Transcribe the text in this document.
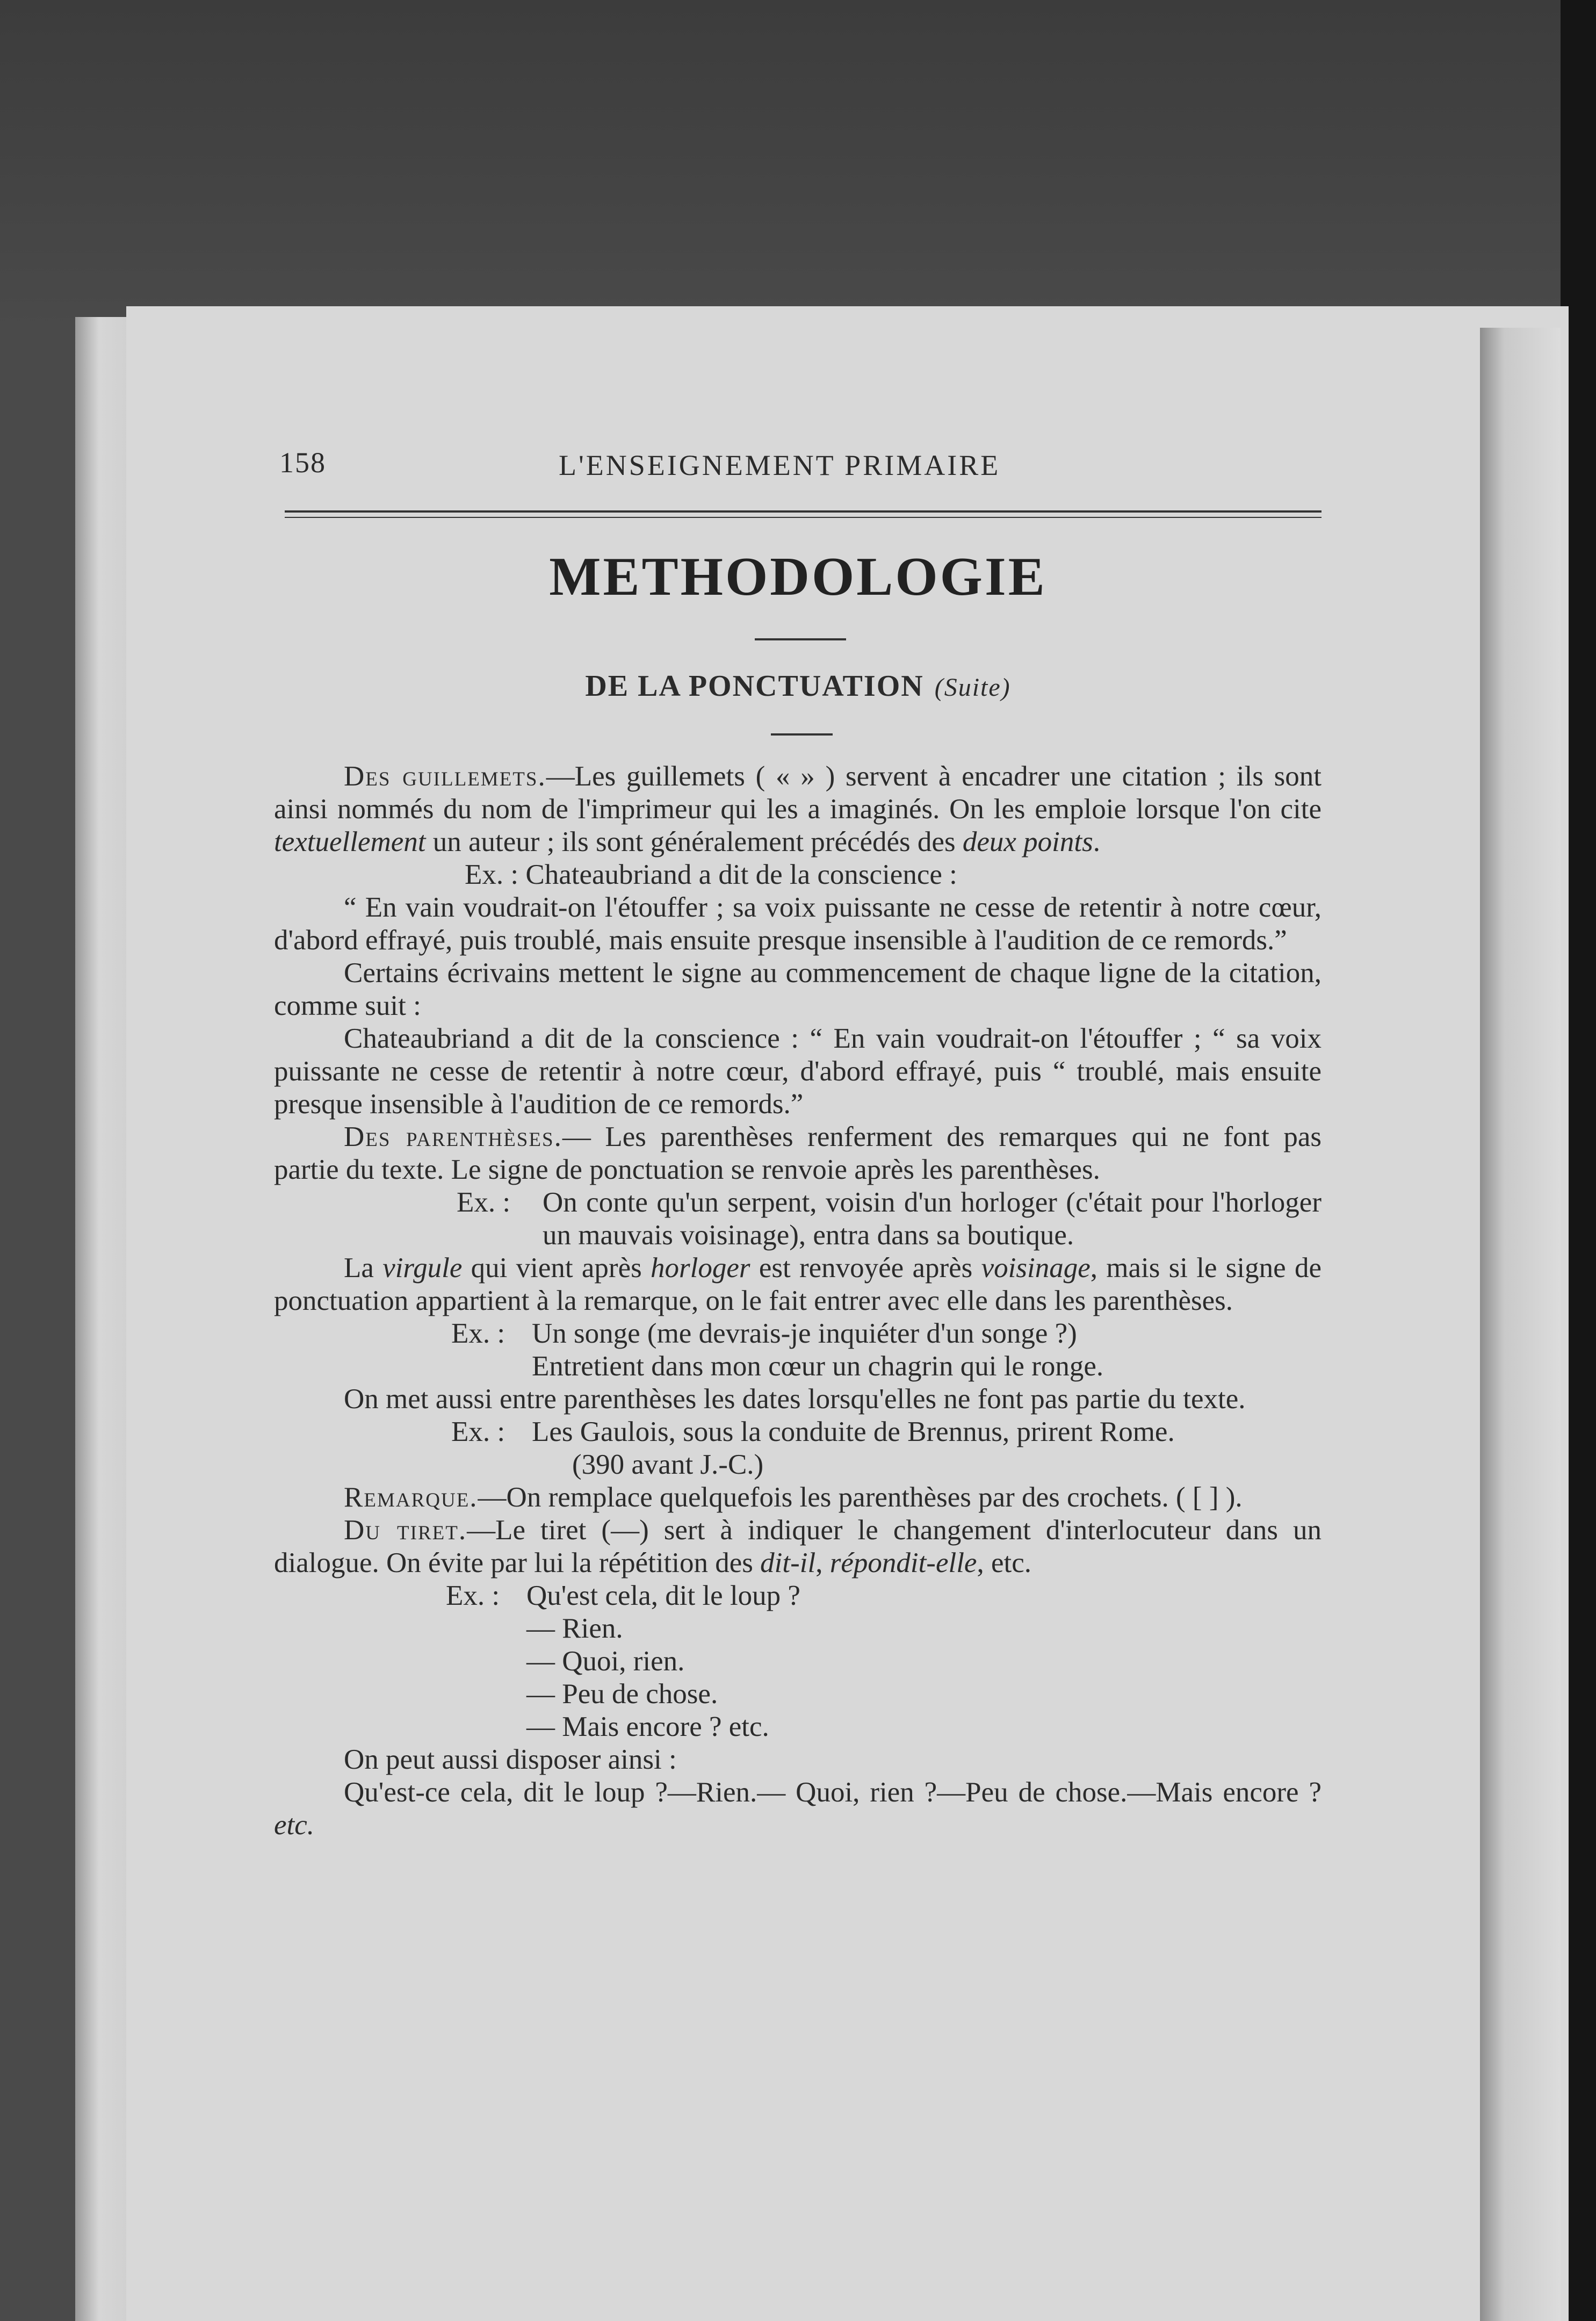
158	L'ENSEIGNEMENT PRIMAIRE
METHODOLOGIE
DE LA PONCTUATION (Suite)

Des guillemets.—Les guillemets ( « » ) servent à encadrer une citation ; ils sont ainsi nommés du nom de l'imprimeur qui les a imaginés. On les emploie lorsque l'on cite textuellement un auteur ; ils sont généralement précédés des deux points.

Ex. : Chateaubriand a dit de la conscience :

“ En vain voudrait-on l'étouffer ; sa voix puissante ne cesse de retentir à notre cœur, d'abord effrayé, puis troublé, mais ensuite presque insensible à l'audition de ce remords.”

Certains écrivains mettent le signe au commencement de chaque ligne de la citation, comme suit :

Chateaubriand a dit de la conscience : “ En vain voudrait-on l'étouffer ; “ sa voix puissante ne cesse de retentir à notre cœur, d'abord effrayé, puis “ troublé, mais ensuite presque insensible à l'audition de ce remords.”

Des parenthèses.— Les parenthèses renferment des remarques qui ne font pas partie du texte. Le signe de ponctuation se renvoie après les parenthèses.

Ex. :	On conte qu'un serpent, voisin d'un horloger (c'était pour l'horloger un mauvais voisinage), entra dans sa boutique.

La virgule qui vient après horloger est renvoyée après voisinage, mais si le signe de ponctuation appartient à la remarque, on le fait entrer avec elle dans les parenthèses.

Ex. : Un songe (me devrais-je inquiéter d'un songe ?)
Entretient dans mon cœur un chagrin qui le ronge.

On met aussi entre parenthèses les dates lorsqu'elles ne font pas partie du texte.

Ex. : Les Gaulois, sous la conduite de Brennus, prirent Rome.
(390 avant J.-C.)

Remarque.—On remplace quelquefois les parenthèses par des crochets. ( [ ] ).

Du tiret.—Le tiret (—) sert à indiquer le changement d'interlocuteur dans un dialogue. On évite par lui la répétition des dit-il, répondit-elle, etc.

Ex. : Qu'est cela, dit le loup ?
— Rien.
— Quoi, rien.
— Peu de chose.
— Mais encore ? etc.

On peut aussi disposer ainsi :

Qu'est-ce cela, dit le loup ?—Rien.— Quoi, rien ?—Peu de chose.—Mais encore ? etc.
